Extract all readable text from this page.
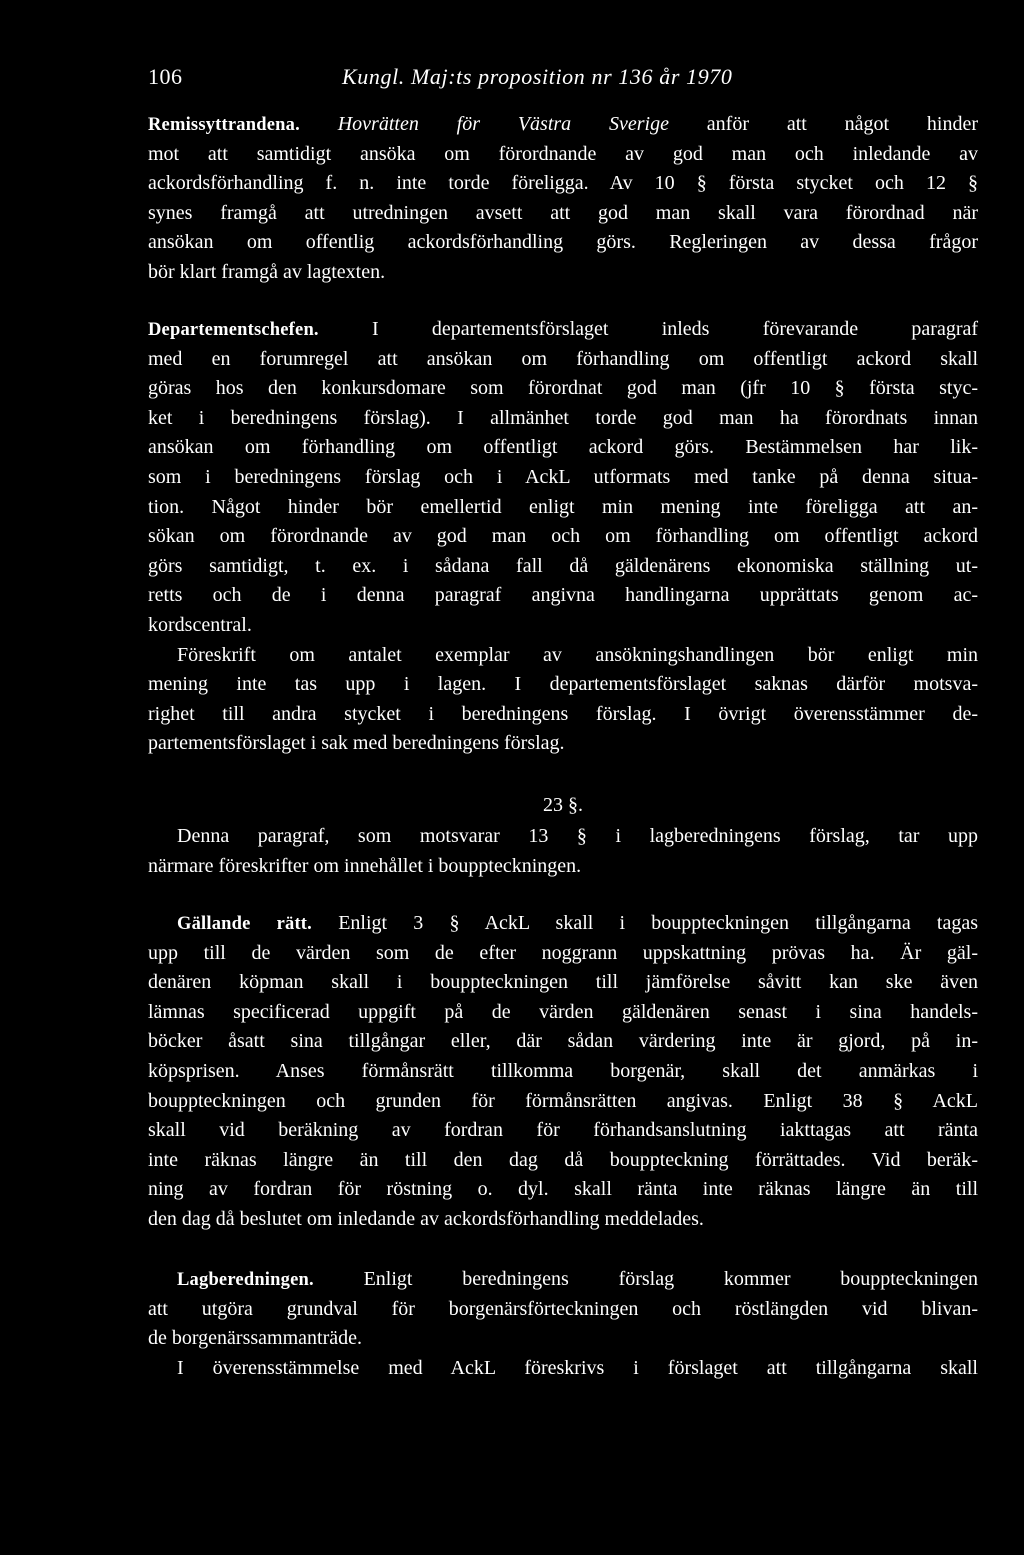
106	Kungl. Maj:ts proposition nr 136 år 1970
Remissyttrandena. Hovrätten för Västra Sverige anför att något hinder
mot att samtidigt ansöka om förordnande av god man och inledande av
ackordsförhandling f. n. inte torde föreligga. Av 10 § första stycket och 12 §
synes framgå att utredningen avsett att god man skall vara förordnad när
ansökan om offentlig ackordsförhandling görs. Regleringen av dessa frågor
bör klart framgå av lagtexten.
Departementschefen.	I departementsförslaget inleds förevarande paragraf
med en forumregel att ansökan om förhandling om offentligt ackord skall
göras hos den konkursdomare som förordnat god man (jfr 10 § första styc-
ket i beredningens förslag). I allmänhet torde god man ha förordnats innan
ansökan om förhandling om offentligt ackord görs. Bestämmelsen har lik-
som i beredningens förslag och i AckL utformats med tanke på denna situa-
tion. Något hinder bör emellertid enligt min mening inte föreligga att an-
sökan om förordnande av god man och om förhandling om offentligt ackord
görs samtidigt, t. ex. i sådana fall då gäldenärens ekonomiska ställning ut-
retts och de i denna paragraf angivna handlingarna upprättats genom ac-
kordscentral.
Föreskrift om antalet exemplar av ansökningshandlingen bör enligt min
mening inte tas upp i lagen. I departementsförslaget saknas därför motsva-
righet till andra stycket i beredningens förslag. I övrigt överensstämmer de-
partementsförslaget i sak med beredningens förslag.
23 §.
Denna paragraf, som motsvarar 13 § i lagberedningens förslag, tar upp
närmare föreskrifter om innehållet i bouppteckningen.
Gällande rätt. Enligt 3 § AckL skall i bouppteckningen tillgångarna tagas
upp till de värden som de efter noggrann uppskattning prövas ha. Är gäl-
denären köpman skall i bouppteckningen till jämförelse såvitt kan ske även
lämnas specificerad uppgift på de värden gäldenären senast i sina handels-
böcker åsatt sina tillgångar eller, där sådan värdering inte är gjord, på in-
köpsprisen. Anses förmånsrätt tillkomma borgenär, skall det anmärkas i
bouppteckningen och grunden för förmånsrätten angivas. Enligt 38 § AckL
skall vid beräkning av fordran för förhandsanslutning iakttagas att ränta
inte räknas längre än till den dag då bouppteckning förrättades. Vid beräk-
ning av fordran för röstning o. dyl. skall ränta inte räknas längre än till
den dag då beslutet om inledande av ackordsförhandling meddelades.
Lagberedningen. Enligt beredningens förslag kommer bouppteckningen
att utgöra grundval för borgenärsförteckningen och röstlängden vid blivan-
de borgenärssammanträde.
I överensstämmelse med AckL föreskrivs i förslaget att tillgångarna skall
